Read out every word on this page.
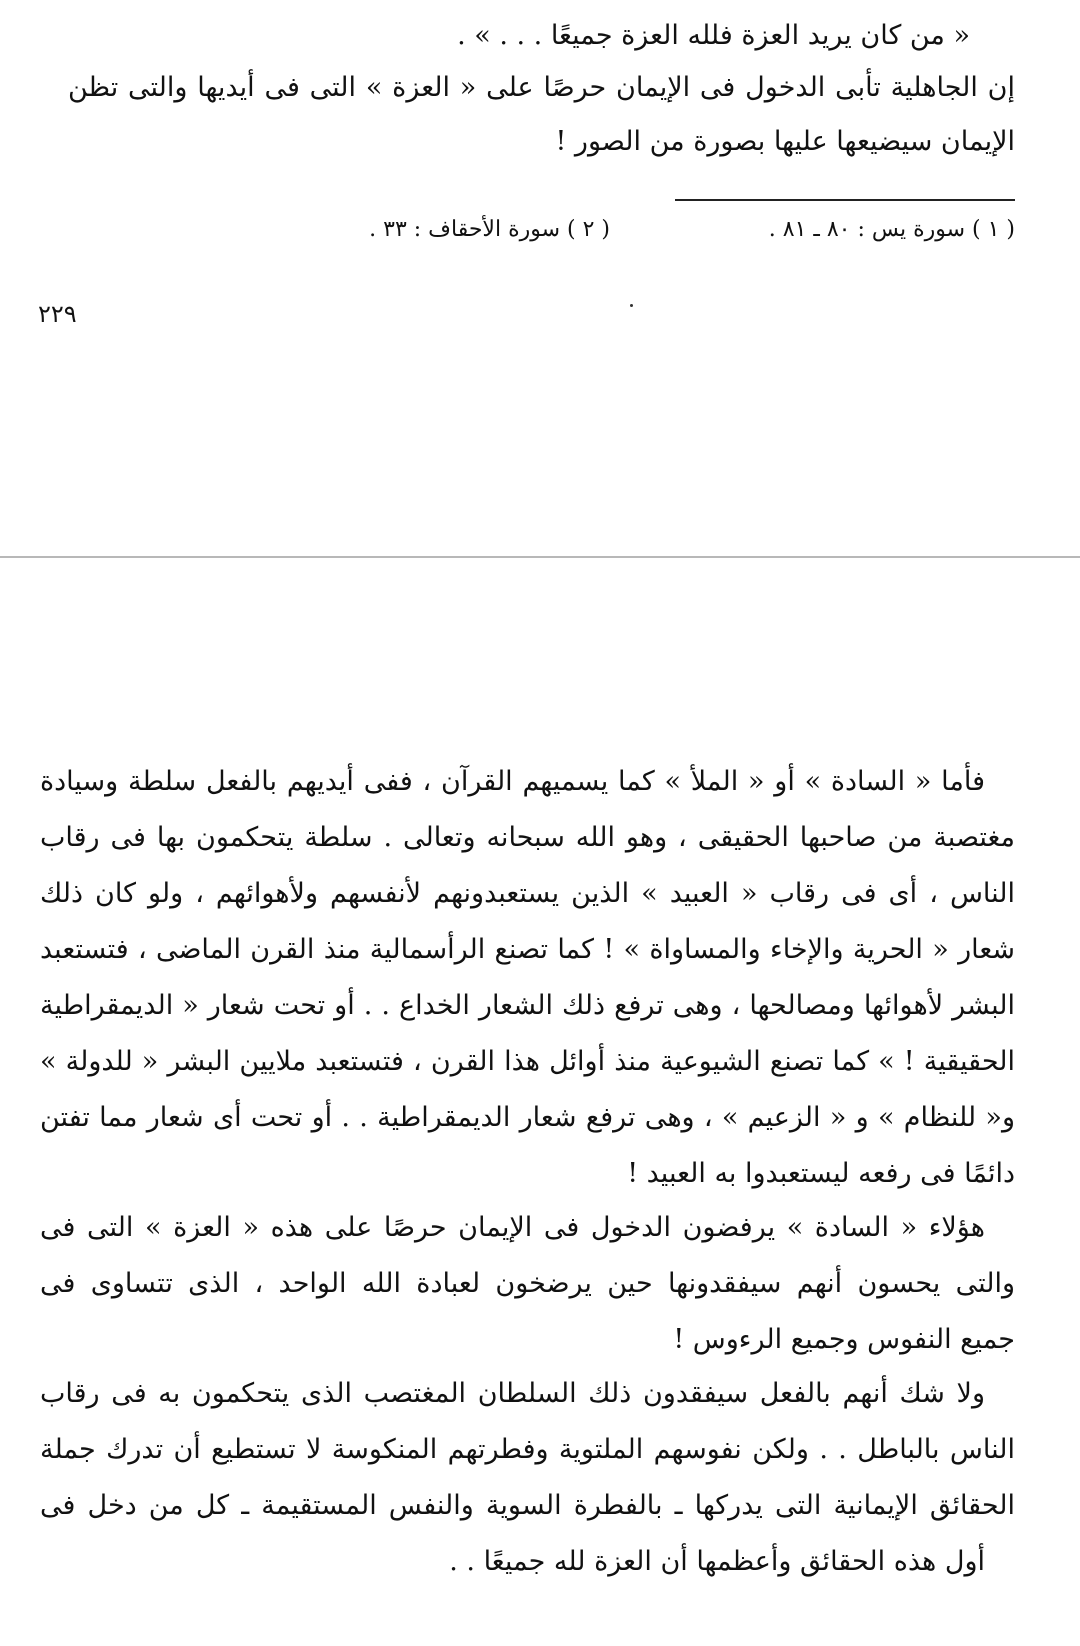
« من كان يريد العزة فلله العزة جميعًا . . . » .
إن الجاهلية تأبى الدخول فى الإيمان حرصًا على « العزة » التى فى أيديها والتى تظن
الإيمان سيضيعها عليها بصورة من الصور !
( ١ ) سورة يس : ٨٠ ـ ٨١ .
( ٢ ) سورة الأحقاف : ٣٣ .
٢٢٩
فأما « السادة » أو « الملأ » كما يسميهم القرآن ، ففى أيديهم بالفعل سلطة وسيادة
مغتصبة من صاحبها الحقيقى ، وهو الله سبحانه وتعالى . سلطة يتحكمون بها فى رقاب
الناس ، أى فى رقاب « العبيد » الذين يستعبدونهم لأنفسهم ولأهوائهم ، ولو كان ذلك
شعار « الحرية والإخاء والمساواة » ! كما تصنع الرأسمالية منذ القرن الماضى ، فتستعبد
البشر لأهوائها ومصالحها ، وهى ترفع ذلك الشعار الخداع . . أو تحت شعار « الديمقراطية
الحقيقية ! » كما تصنع الشيوعية منذ أوائل هذا القرن ، فتستعبد ملايين البشر « للدولة »
و« للنظام » و « الزعيم » ، وهى ترفع شعار الديمقراطية . . أو تحت أى شعار مما تفتن
دائمًا فى رفعه ليستعبدوا به العبيد !
هؤلاء « السادة » يرفضون الدخول فى الإيمان حرصًا على هذه « العزة » التى فى
والتى يحسون أنهم سيفقدونها حين يرضخون لعبادة الله الواحد ، الذى تتساوى فى
جميع النفوس وجميع الرءوس !
ولا شك أنهم بالفعل سيفقدون ذلك السلطان المغتصب الذى يتحكمون به فى رقاب
الناس بالباطل . . ولكن نفوسهم الملتوية وفطرتهم المنكوسة لا تستطيع أن تدرك جملة
الحقائق الإيمانية التى يدركها ـ بالفطرة السوية والنفس المستقيمة ـ كل من دخل فى
أول هذه الحقائق وأعظمها أن العزة لله جميعًا . .
